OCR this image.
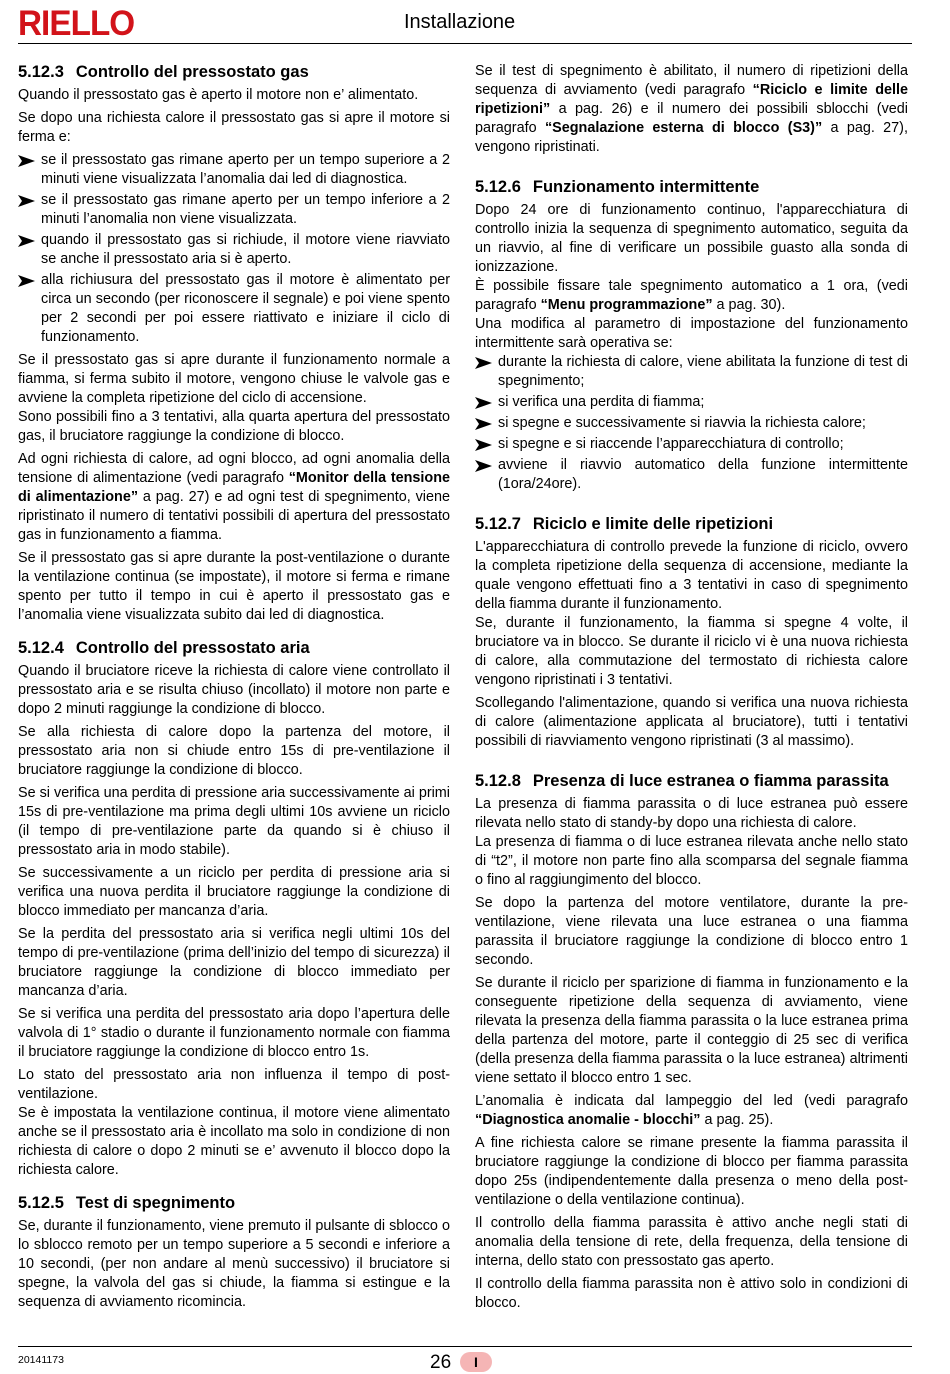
RIELLO	Installazione
5.12.3 Controllo del pressostato gas

Quando il pressostato gas è aperto il motore non e’ alimentato.

Se dopo una richiesta calore il pressostato gas si apre il motore si ferma e:

se il pressostato gas rimane aperto per un tempo superiore a 2 minuti viene visualizzata l’anomalia dai led di diagnostica.
se il pressostato gas rimane aperto per un tempo inferiore a 2 minuti l’anomalia non viene visualizzata.
quando il pressostato gas si richiude, il motore viene riavviato se anche il pressostato aria si è aperto.
alla richiusura del pressostato gas il motore è alimentato per circa un secondo (per riconoscere il segnale) e poi viene spento per 2 secondi per poi essere riattivato e iniziare il ciclo di funzionamento.

Se il pressostato gas si apre durante il funzionamento normale a fiamma, si ferma subito il motore, vengono chiuse le valvole gas e avviene la completa ripetizione del ciclo di accensione.

Sono possibili fino a 3 tentativi, alla quarta apertura del pressostato gas, il bruciatore raggiunge la condizione di blocco.

Ad ogni richiesta di calore, ad ogni blocco, ad ogni anomalia della tensione di alimentazione (vedi paragrafo “Monitor della tensione di alimentazione” a pag. 27) e ad ogni test di spegnimento, viene ripristinato il numero di tentativi possibili di apertura del pressostato gas in funzionamento a fiamma.

Se il pressostato gas si apre durante la post-ventilazione o durante la ventilazione continua (se impostate), il motore si ferma e rimane spento per tutto il tempo in cui è aperto il pressostato gas e l’anomalia viene visualizzata subito dai led di diagnostica.

5.12.4 Controllo del pressostato aria

Quando il bruciatore riceve la richiesta di calore viene controllato il pressostato aria e se risulta chiuso (incollato) il motore non parte e dopo 2 minuti raggiunge la condizione di blocco.

Se alla richiesta di calore dopo la partenza del motore, il pressostato aria non si chiude entro 15s di pre-ventilazione il bruciatore raggiunge la condizione di blocco.

Se si verifica una perdita di pressione aria successivamente ai primi 15s di pre-ventilazione ma prima degli ultimi 10s avviene un riciclo (il tempo di pre-ventilazione parte da quando si è chiuso il pressostato aria in modo stabile).

Se successivamente a un riciclo per perdita di pressione aria si verifica una nuova perdita il bruciatore raggiunge la condizione di blocco immediato per mancanza d’aria.

Se la perdita del pressostato aria si verifica negli ultimi 10s del tempo di pre-ventilazione (prima dell’inizio del tempo di sicurezza) il bruciatore raggiunge la condizione di blocco immediato per mancanza d’aria.

Se si verifica una perdita del pressostato aria dopo l’apertura delle valvola di 1° stadio o durante il funzionamento normale con fiamma il bruciatore raggiunge la condizione di blocco entro 1s.

Lo stato del pressostato aria non influenza il tempo di post-ventilazione.

Se è impostata la ventilazione continua, il motore viene alimentato anche se il pressostato aria è incollato ma solo in condizione di non richiesta di calore o dopo 2 minuti se e’ avvenuto il blocco dopo la richiesta calore.

5.12.5 Test di spegnimento

Se, durante il funzionamento, viene premuto il pulsante di sblocco o lo sblocco remoto per un tempo superiore a 5 secondi e inferiore a 10 secondi, (per non andare al menù successivo) il bruciatore si spegne, la valvola del gas si chiude, la fiamma si estingue e la sequenza di avviamento ricomincia.

Se il test di spegnimento è abilitato, il numero di ripetizioni della sequenza di avviamento (vedi paragrafo “Riciclo e limite delle ripetizioni” a pag. 26) e il numero dei possibili sblocchi (vedi paragrafo “Segnalazione esterna di blocco (S3)” a pag. 27), vengono ripristinati.

5.12.6 Funzionamento intermittente

Dopo 24 ore di funzionamento continuo, l'apparecchiatura di controllo inizia la sequenza di spegnimento automatico, seguita da un riavvio, al fine di verificare un possibile guasto alla sonda di ionizzazione.

È possibile fissare tale spegnimento automatico a 1 ora, (vedi paragrafo “Menu programmazione” a pag. 30).

Una modifica al parametro di impostazione del funzionamento intermittente sarà operativa se:

durante la richiesta di calore, viene abilitata la funzione di test di spegnimento;
si verifica una perdita di fiamma;
si spegne e successivamente si riavvia la richiesta calore;
si spegne e si riaccende l’apparecchiatura di controllo;
avviene il riavvio automatico della funzione intermittente (1ora/24ore).
5.12.7 Riciclo e limite delle ripetizioni

L'apparecchiatura di controllo prevede la funzione di riciclo, ovvero la completa ripetizione della sequenza di accensione, mediante la quale vengono effettuati fino a 3 tentativi in caso di spegnimento della fiamma durante il funzionamento.

Se, durante il funzionamento, la fiamma si spegne 4 volte, il bruciatore va in blocco. Se durante il riciclo vi è una nuova richiesta di calore, alla commutazione del termostato di richiesta calore vengono ripristinati i 3 tentativi.

Scollegando l'alimentazione, quando si verifica una nuova richiesta di calore (alimentazione applicata al bruciatore), tutti i tentativi possibili di riavviamento vengono ripristinati (3 al massimo).

5.12.8 Presenza di luce estranea o fiamma parassita

La presenza di fiamma parassita o di luce estranea può essere rilevata nello stato di standy-by dopo una richiesta di calore.

La presenza di fiamma o di luce estranea rilevata anche nello stato di “t2”, il motore non parte fino alla scomparsa del segnale fiamma o fino al raggiungimento del blocco.

Se dopo la partenza del motore ventilatore, durante la pre-ventilazione, viene rilevata una luce estranea o una fiamma parassita il bruciatore raggiunge la condizione di blocco entro 1 secondo.

Se durante il riciclo per sparizione di fiamma in funzionamento e la conseguente ripetizione della sequenza di avviamento, viene rilevata la presenza della fiamma parassita o la luce estranea prima della partenza del motore, parte il conteggio di 25 sec di verifica (della presenza della fiamma parassita o la luce estranea) altrimenti viene settato il blocco entro 1 sec.

L’anomalia è indicata dal lampeggio del led (vedi paragrafo “Diagnostica anomalie - blocchi” a pag. 25).

A fine richiesta calore se rimane presente la fiamma parassita il bruciatore raggiunge la condizione di blocco per fiamma parassita dopo 25s (indipendentemente dalla presenza o meno della post-ventilazione o della ventilazione continua).

Il controllo della fiamma parassita è attivo anche negli stati di anomalia della tensione di rete, della frequenza, della tensione di interna, dello stato con pressostato gas aperto.

Il controllo della fiamma parassita non è attivo solo in condizioni di blocco.

20141173	26	I
